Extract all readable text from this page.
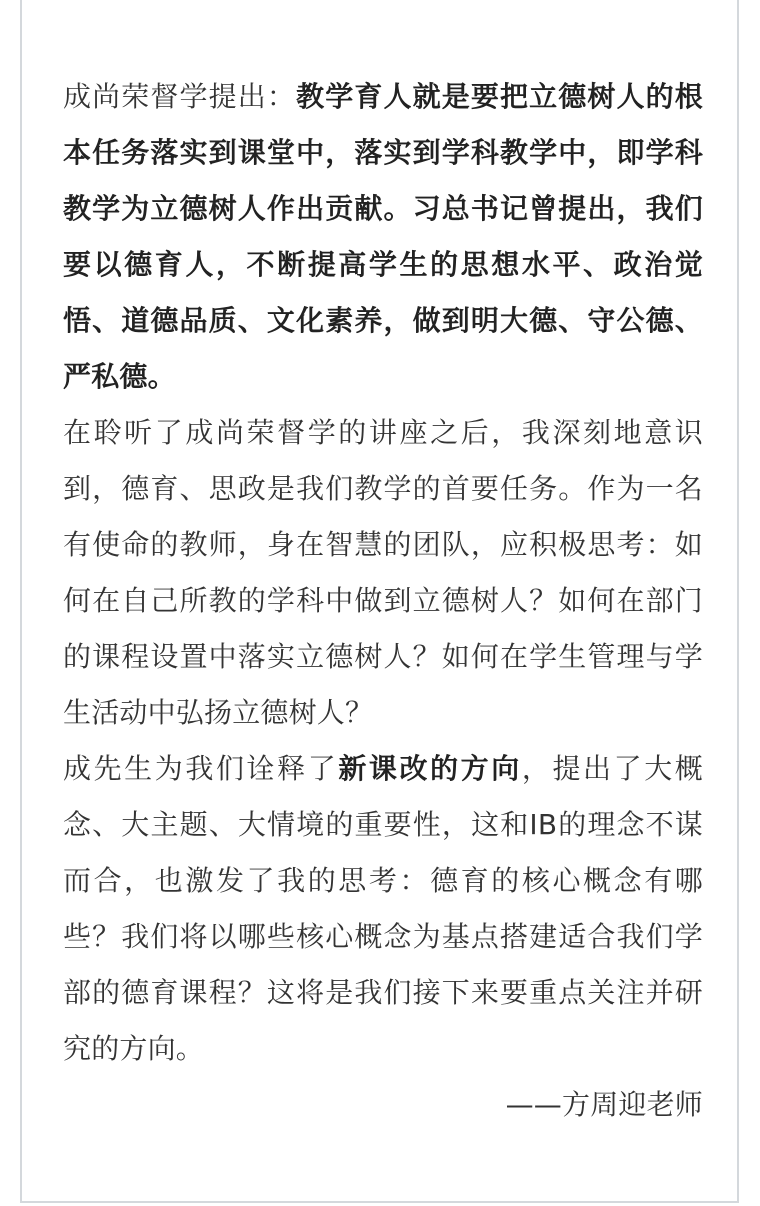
成尚荣督学提出：教学育人就是要把立德树人的根本任务落实到课堂中，落实到学科教学中，即学科教学为立德树人作出贡献。习总书记曾提出，我们要以德育人，不断提高学生的思想水平、政治觉悟、道德品质、文化素养，做到明大德、守公德、严私德。

在聆听了成尚荣督学的讲座之后，我深刻地意识到，德育、思政是我们教学的首要任务。作为一名有使命的教师，身在智慧的团队，应积极思考：如何在自己所教的学科中做到立德树人？如何在部门的课程设置中落实立德树人？如何在学生管理与学生活动中弘扬立德树人？

成先生为我们诠释了新课改的方向，提出了大概念、大主题、大情境的重要性，这和IB的理念不谋而合，也激发了我的思考：德育的核心概念有哪些？我们将以哪些核心概念为基点搭建适合我们学部的德育课程？这将是我们接下来要重点关注并研究的方向。

——方周迎老师
